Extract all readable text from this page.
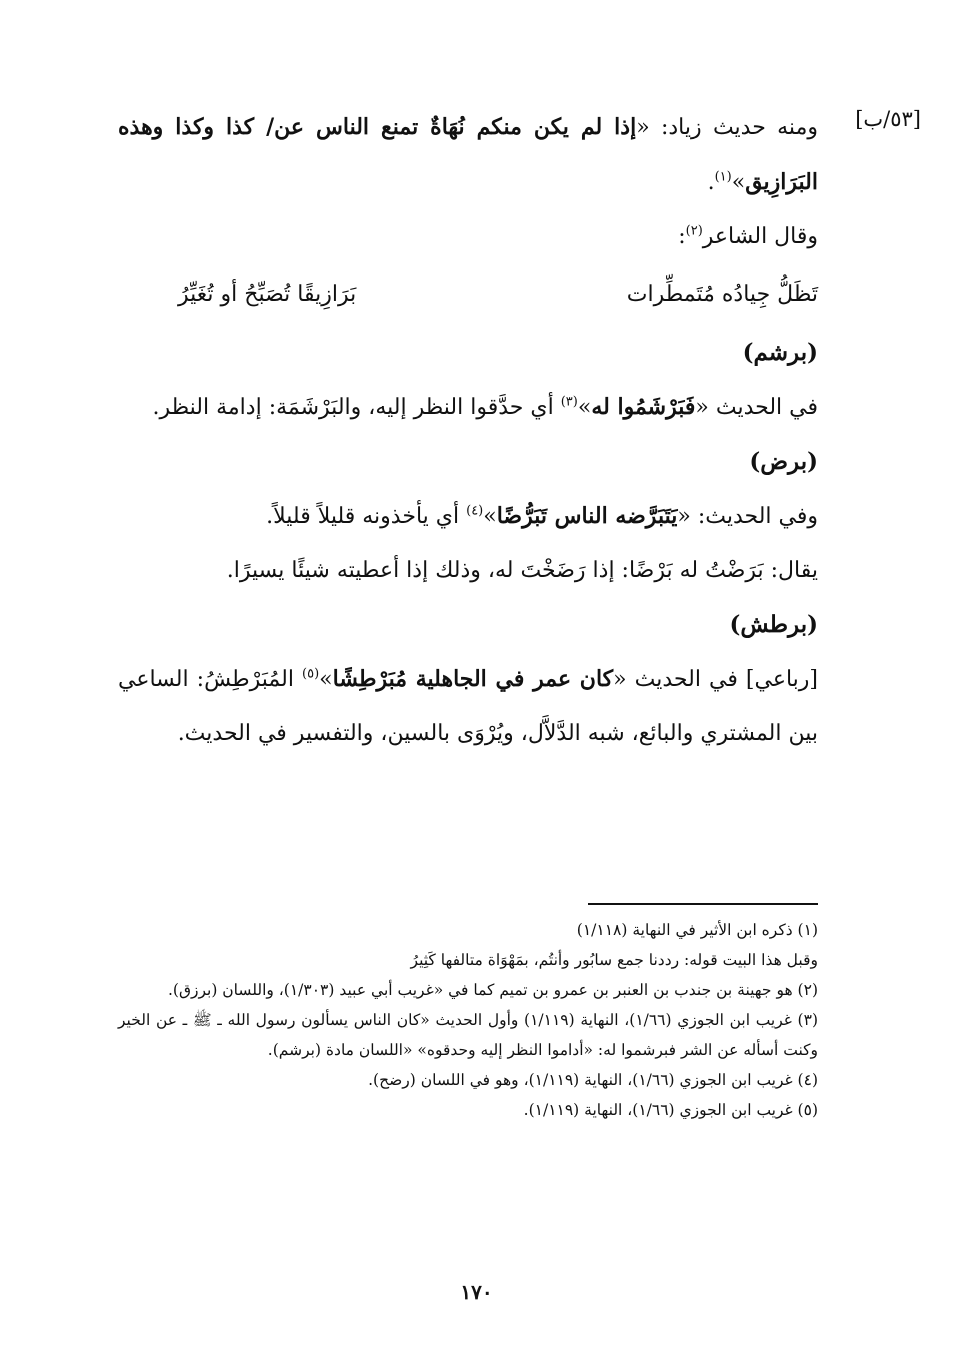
[٥٣/ب]

ومنه حديث زياد: «إذا لم يكن منكم نُهَاةٌ تمنع الناس عن/ كذا وكذا وهذه البَرَازِيق»$^{(١)}$.

وقال الشاعر$^{(٢)}$:

تَظَلُّ جِيادُه مُتَمطِّرات
بَرَازِيقًا تُصَبِّحُ أو تُغَيِّرُ

(برشم)

في الحديث «فَبَرْشَمُوا له»$^{(٣)}$ أي حدَّقوا النظر إليه، والبَرْشَمَة: إدامة النظر.

(برض)

وفي الحديث: «يَتَبَرَّضه الناس تَبَرُّضًا»$^{(٤)}$ أي يأخذونه قليلاً قليلاً.

يقال: بَرَضْتُ له بَرْضًا: إذا رَضَخْتَ له، وذلك إذا أعطيته شيئًا يسيرًا.

(برطش)

[رباعي] في الحديث «كان عمر في الجاهلية مُبَرْطِشًا»$^{(٥)}$ المُبَرْطِشُ: الساعي بين المشتري والبائع، شبه الدَّلاَّل، ويُرْوَى بالسين، والتفسير في الحديث.

(١) ذكره ابن الأثير في النهاية (١/١١٨)

وقبل هذا البيت قوله: رددنا جمع سابُور وأنتُم، بمَهْوَاة متالفها كَثِيرُ

(٢) هو جهينة بن جندب بن العنبر بن عمرو بن تميم كما في «غريب أبي عبيد (١/٣٠٣)، واللسان (برزق).

(٣) غريب ابن الجوزي (١/٦٦)، النهاية (١/١١٩) وأول الحديث «كان الناس يسألون رسول الله ـ ﷺ ـ عن الخير وكنت أسأله عن الشر فبرشموا له: «أداموا النظر إليه وحدقوه» «اللسان مادة (برشم).

(٤) غريب ابن الجوزي (١/٦٦)، النهاية (١/١١٩)، وهو في اللسان (رضح).

(٥) غريب ابن الجوزي (١/٦٦)، النهاية (١/١١٩).

١٧٠
